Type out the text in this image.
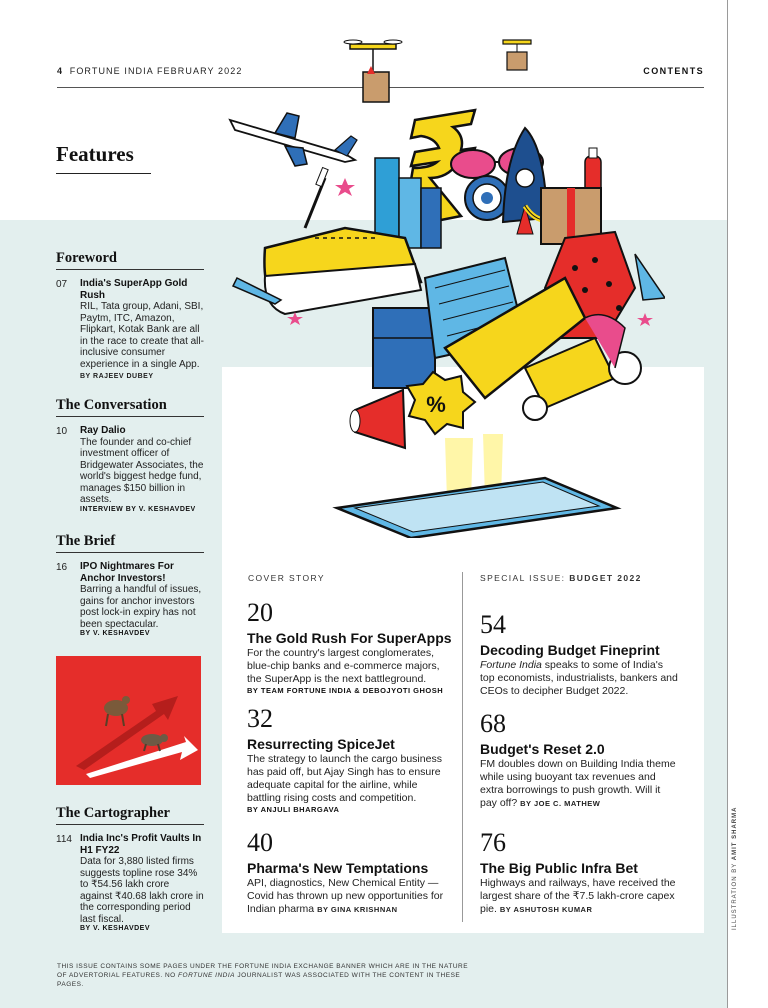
4 FORTUNE INDIA FEBRUARY 2022	CONTENTS
%
Features
Foreword
07	India's SuperApp Gold Rush
RIL, Tata group, Adani, SBI, Paytm, ITC, Amazon, Flipkart, Kotak Bank are all in the race to create that all-inclusive consumer experience in a single App. BY RAJEEV DUBEY
The Conversation
10	Ray Dalio
The founder and co-chief investment officer of Bridgewater Associates, the world's biggest hedge fund, manages $150 billion in assets.
INTERVIEW BY V. KESHAVDEV
The Brief
16	IPO Nightmares For Anchor Investors!
Barring a handful of issues, gains for anchor investors post lock-in expiry has not been spectacular.
BY V. KESHAVDEV
The Cartographer
114 India Inc's Profit Vaults In H1 FY22
Data for 3,880 listed firms suggests topline rose 34% to ₹54.56 lakh crore against ₹40.68 lakh crore in the corresponding period last fiscal.
BY V. KESHAVDEV
COVER STORY	SPECIAL ISSUE: BUDGET 2022
20
The Gold Rush For SuperApps
For the country's largest conglomerates, blue-chip banks and e-commerce majors, the SuperApp is the next battleground.
BY TEAM FORTUNE INDIA & DEBOJYOTI GHOSH
32
Resurrecting SpiceJet
The strategy to launch the cargo business has paid off, but Ajay Singh has to ensure adequate capital for the airline, while battling rising costs and competition.
BY ANJULI BHARGAVA
40
Pharma's New Temptations
API, diagnostics, New Chemical Entity — Covid has thrown up new opportunities for Indian pharma BY GINA KRISHNAN
54
Decoding Budget Fineprint
Fortune India speaks to some of India's top economists, industrialists, bankers and CEOs to decipher Budget 2022.
68
Budget's Reset 2.0
FM doubles down on Building India theme while using buoyant tax revenues and extra borrowings to push growth. Will it pay off? BY JOE C. MATHEW
76
The Big Public Infra Bet
Highways and railways, have received the largest share of the ₹7.5 lakh-crore capex pie. BY ASHUTOSH KUMAR
THIS ISSUE CONTAINS SOME PAGES UNDER THE FORTUNE INDIA EXCHANGE BANNER WHICH ARE IN THE NATURE OF ADVERTORIAL FEATURES. NO FORTUNE INDIA JOURNALIST WAS ASSOCIATED WITH THE CONTENT IN THESE PAGES.
ILLUSTRATION BY AMIT SHARMA
